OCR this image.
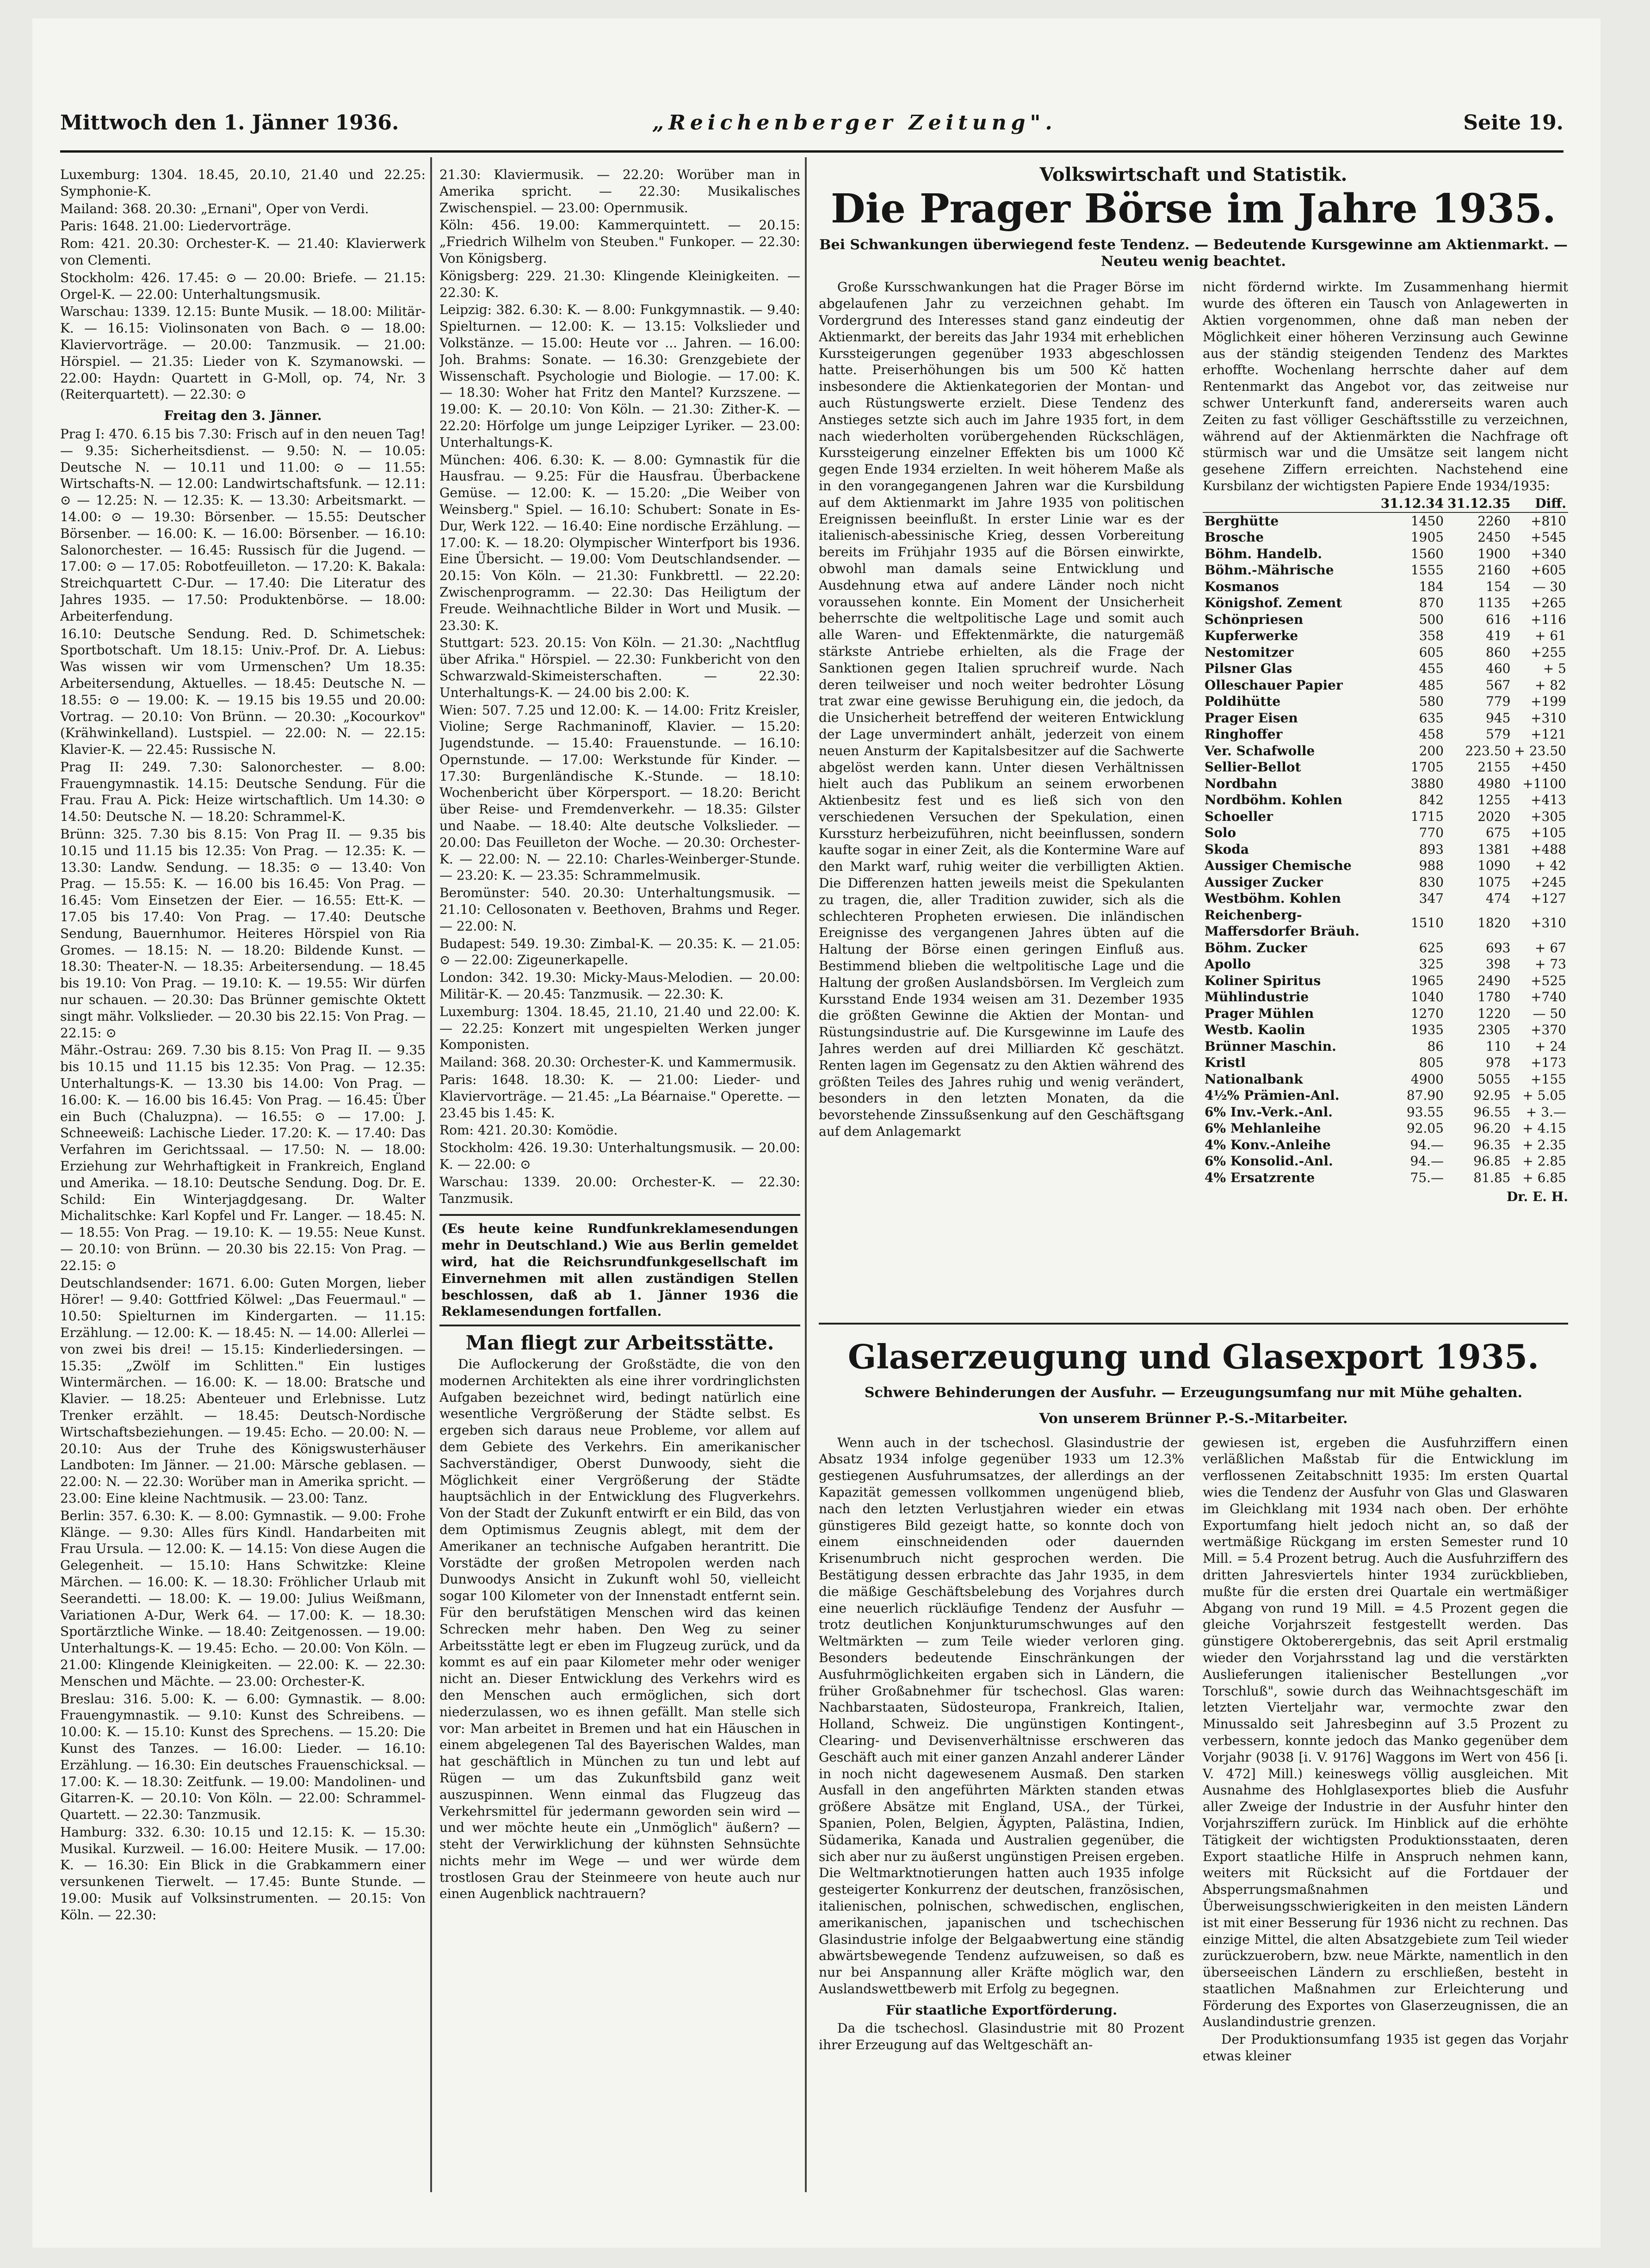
Mittwoch den 1. Jänner 1936.	„Reichenberger Zeitung".	Seite 19.

Luxemburg: 1304. 18.45, 20.10, 21.40 und 22.25: Symphonie-K.

Mailand: 368. 20.30: „Ernani", Oper von Verdi.

Paris: 1648. 21.00: Liedervorträge.

Rom: 421. 20.30: Orchester-K. — 21.40: Klavierwerk von Clementi.

Stockholm: 426. 17.45: ⊙ — 20.00: Briefe. — 21.15: Orgel-K. — 22.00: Unterhaltungsmusik.

Warschau: 1339. 12.15: Bunte Musik. — 18.00: Militär-K. — 16.15: Violinsonaten von Bach. ⊙ — 18.00: Klaviervorträge. — 20.00: Tanzmusik. — 21.00: Hörspiel. — 21.35: Lieder von K. Szymanowski. — 22.00: Haydn: Quartett in G-Moll, op. 74, Nr. 3 (Reiterquartett). — 22.30: ⊙

Freitag den 3. Jänner.

Prag I: 470. 6.15 bis 7.30: Frisch auf in den neuen Tag! — 9.35: Sicherheitsdienst. — 9.50: N. — 10.05: Deutsche N. — 10.11 und 11.00: ⊙ — 11.55: Wirtschafts-N. — 12.00: Landwirtschaftsfunk. — 12.11: ⊙ — 12.25: N. — 12.35: K. — 13.30: Arbeitsmarkt. — 14.00: ⊙ — 19.30: Börsenber. — 15.55: Deutscher Börsenber. — 16.00: K. — 16.00: Börsenber. — 16.10: Salonorchester. — 16.45: Russisch für die Jugend. — 17.00: ⊙ — 17.05: Robotfeuilleton. — 17.20: K. Bakala: Streichquartett C-Dur. — 17.40: Die Literatur des Jahres 1935. — 17.50: Produktenbörse. — 18.00: Arbeiterfendung.

16.10: Deutsche Sendung. Red. D. Schimetschek: Sportbotschaft. Um 18.15: Univ.-Prof. Dr. A. Liebus: Was wissen wir vom Urmenschen? Um 18.35: Arbeitersendung, Aktuelles. — 18.45: Deutsche N. — 18.55: ⊙ — 19.00: K. — 19.15 bis 19.55 und 20.00: Vortrag. — 20.10: Von Brünn. — 20.30: „Kocourkov" (Krähwinkelland). Lustspiel. — 22.00: N. — 22.15: Klavier-K. — 22.45: Russische N.

Prag II: 249. 7.30: Salonorchester. — 8.00: Frauengymnastik. 14.15: Deutsche Sendung. Für die Frau. Frau A. Pick: Heize wirtschaftlich. Um 14.30: ⊙ 14.50: Deutsche N. — 18.20: Schrammel-K.

Brünn: 325. 7.30 bis 8.15: Von Prag II. — 9.35 bis 10.15 und 11.15 bis 12.35: Von Prag. — 12.35: K. — 13.30: Landw. Sendung. — 18.35: ⊙ — 13.40: Von Prag. — 15.55: K. — 16.00 bis 16.45: Von Prag. — 16.45: Vom Einsetzen der Eier. — 16.55: Ett-K. — 17.05 bis 17.40: Von Prag. — 17.40: Deutsche Sendung, Bauernhumor. Heiteres Hörspiel von Ria Gromes. — 18.15: N. — 18.20: Bildende Kunst. — 18.30: Theater-N. — 18.35: Arbeitersendung. — 18.45 bis 19.10: Von Prag. — 19.10: K. — 19.55: Wir dürfen nur schauen. — 20.30: Das Brünner gemischte Oktett singt mähr. Volkslieder. — 20.30 bis 22.15: Von Prag. — 22.15: ⊙

Mähr.-Ostrau: 269. 7.30 bis 8.15: Von Prag II. — 9.35 bis 10.15 und 11.15 bis 12.35: Von Prag. — 12.35: Unterhaltungs-K. — 13.30 bis 14.00: Von Prag. — 16.00: K. — 16.00 bis 16.45: Von Prag. — 16.45: Über ein Buch (Chaluzpna). — 16.55: ⊙ — 17.00: J. Schneeweiß: Lachische Lieder. 17.20: K. — 17.40: Das Verfahren im Gerichtssaal. — 17.50: N. — 18.00: Erziehung zur Wehrhaftigkeit in Frankreich, England und Amerika. — 18.10: Deutsche Sendung. Dog. Dr. E. Schild: Ein Winterjagdgesang. Dr. Walter Michalitschke: Karl Kopfel und Fr. Langer. — 18.45: N. — 18.55: Von Prag. — 19.10: K. — 19.55: Neue Kunst. — 20.10: von Brünn. — 20.30 bis 22.15: Von Prag. — 22.15: ⊙

Deutschlandsender: 1671. 6.00: Guten Morgen, lieber Hörer! — 9.40: Gottfried Kölwel: „Das Feuermaul." — 10.50: Spielturnen im Kindergarten. — 11.15: Erzählung. — 12.00: K. — 18.45: N. — 14.00: Allerlei — von zwei bis drei! — 15.15: Kinderliedersingen. — 15.35: „Zwölf im Schlitten." Ein lustiges Wintermärchen. — 16.00: K. — 18.00: Bratsche und Klavier. — 18.25: Abenteuer und Erlebnisse. Lutz Trenker erzählt. — 18.45: Deutsch-Nordische Wirtschaftsbeziehungen. — 19.45: Echo. — 20.00: N. — 20.10: Aus der Truhe des Königswusterhäuser Landboten: Im Jänner. — 21.00: Märsche geblasen. — 22.00: N. — 22.30: Worüber man in Amerika spricht. — 23.00: Eine kleine Nachtmusik. — 23.00: Tanz.

Berlin: 357. 6.30: K. — 8.00: Gymnastik. — 9.00: Frohe Klänge. — 9.30: Alles fürs Kindl. Handarbeiten mit Frau Ursula. — 12.00: K. — 14.15: Von diese Augen die Gelegenheit. — 15.10: Hans Schwitzke: Kleine Märchen. — 16.00: K. — 18.30: Fröhlicher Urlaub mit Seerandetti. — 18.00: K. — 19.00: Julius Weißmann, Variationen A-Dur, Werk 64. — 17.00: K. — 18.30: Sportärztliche Winke. — 18.40: Zeitgenossen. — 19.00: Unterhaltungs-K. — 19.45: Echo. — 20.00: Von Köln. — 21.00: Klingende Kleinigkeiten. — 22.00: K. — 22.30: Menschen und Mächte. — 23.00: Orchester-K.

Breslau: 316. 5.00: K. — 6.00: Gymnastik. — 8.00: Frauengymnastik. — 9.10: Kunst des Schreibens. — 10.00: K. — 15.10: Kunst des Sprechens. — 15.20: Die Kunst des Tanzes. — 16.00: Lieder. — 16.10: Erzählung. — 16.30: Ein deutsches Frauenschicksal. — 17.00: K. — 18.30: Zeitfunk. — 19.00: Mandolinen- und Gitarren-K. — 20.10: Von Köln. — 22.00: Schrammel-Quartett. — 22.30: Tanzmusik.

Hamburg: 332. 6.30: 10.15 und 12.15: K. — 15.30: Musikal. Kurzweil. — 16.00: Heitere Musik. — 17.00: K. — 16.30: Ein Blick in die Grabkammern einer versunkenen Tierwelt. — 17.45: Bunte Stunde. — 19.00: Musik auf Volksinstrumenten. — 20.15: Von Köln. — 22.30:

21.30: Klaviermusik. — 22.20: Worüber man in Amerika spricht. — 22.30: Musikalisches Zwischenspiel. — 23.00: Opernmusik.

Köln: 456. 19.00: Kammerquintett. — 20.15: „Friedrich Wilhelm von Steuben." Funkoper. — 22.30: Von Königsberg.

Königsberg: 229. 21.30: Klingende Kleinigkeiten. — 22.30: K.

Leipzig: 382. 6.30: K. — 8.00: Funkgymnastik. — 9.40: Spielturnen. — 12.00: K. — 13.15: Volkslieder und Volkstänze. — 15.00: Heute vor ... Jahren. — 16.00: Joh. Brahms: Sonate. — 16.30: Grenzgebiete der Wissenschaft. Psychologie und Biologie. — 17.00: K. — 18.30: Woher hat Fritz den Mantel? Kurzszene. — 19.00: K. — 20.10: Von Köln. — 21.30: Zither-K. — 22.20: Hörfolge um junge Leipziger Lyriker. — 23.00: Unterhaltungs-K.

München: 406. 6.30: K. — 8.00: Gymnastik für die Hausfrau. — 9.25: Für die Hausfrau. Überbackene Gemüse. — 12.00: K. — 15.20: „Die Weiber von Weinsberg." Spiel. — 16.10: Schubert: Sonate in Es-Dur, Werk 122. — 16.40: Eine nordische Erzählung. — 17.00: K. — 18.20: Olympischer Winterfport bis 1936. Eine Übersicht. — 19.00: Vom Deutschlandsender. — 20.15: Von Köln. — 21.30: Funkbrettl. — 22.20: Zwischenprogramm. — 22.30: Das Heiligtum der Freude. Weihnachtliche Bilder in Wort und Musik. — 23.30: K.

Stuttgart: 523. 20.15: Von Köln. — 21.30: „Nachtflug über Afrika." Hörspiel. — 22.30: Funkbericht von den Schwarzwald-Skimeisterschaften. — 22.30: Unterhaltungs-K. — 24.00 bis 2.00: K.

Wien: 507. 7.25 und 12.00: K. — 14.00: Fritz Kreisler, Violine; Serge Rachmaninoff, Klavier. — 15.20: Jugendstunde. — 15.40: Frauenstunde. — 16.10: Opernstunde. — 17.00: Werkstunde für Kinder. — 17.30: Burgenländische K.-Stunde. — 18.10: Wochenbericht über Körpersport. — 18.20: Bericht über Reise- und Fremdenverkehr. — 18.35: Gilster und Naabe. — 18.40: Alte deutsche Volkslieder. — 20.00: Das Feuilleton der Woche. — 20.30: Orchester-K. — 22.00: N. — 22.10: Charles-Weinberger-Stunde. — 23.20: K. — 23.35: Schrammelmusik.

Beromünster: 540. 20.30: Unterhaltungsmusik. — 21.10: Cellosonaten v. Beethoven, Brahms und Reger. — 22.00: N.

Budapest: 549. 19.30: Zimbal-K. — 20.35: K. — 21.05: ⊙ — 22.00: Zigeunerkapelle.

London: 342. 19.30: Micky-Maus-Melodien. — 20.00: Militär-K. — 20.45: Tanzmusik. — 22.30: K.

Luxemburg: 1304. 18.45, 21.10, 21.40 und 22.00: K. — 22.25: Konzert mit ungespielten Werken junger Komponisten.

Mailand: 368. 20.30: Orchester-K. und Kammermusik.

Paris: 1648. 18.30: K. — 21.00: Lieder- und Klaviervorträge. — 21.45: „La Béarnaise." Operette. — 23.45 bis 1.45: K.

Rom: 421. 20.30: Komödie.

Stockholm: 426. 19.30: Unterhaltungsmusik. — 20.00: K. — 22.00: ⊙

Warschau: 1339. 20.00: Orchester-K. — 22.30: Tanzmusik.

(Es heute keine Rundfunkreklamesendungen mehr in Deutschland.) Wie aus Berlin gemeldet wird, hat die Reichsrundfunkgesellschaft im Einvernehmen mit allen zuständigen Stellen beschlossen, daß ab 1. Jänner 1936 die Reklamesendungen fortfallen.
Man fliegt zur Arbeitsstätte.

Die Auflockerung der Großstädte, die von den modernen Architekten als eine ihrer vordringlichsten Aufgaben bezeichnet wird, bedingt natürlich eine wesentliche Vergrößerung der Städte selbst. Es ergeben sich daraus neue Probleme, vor allem auf dem Gebiete des Verkehrs. Ein amerikanischer Sachverständiger, Oberst Dunwoody, sieht die Möglichkeit einer Vergrößerung der Städte hauptsächlich in der Entwicklung des Flugverkehrs. Von der Stadt der Zukunft entwirft er ein Bild, das von dem Optimismus Zeugnis ablegt, mit dem der Amerikaner an technische Aufgaben herantritt. Die Vorstädte der großen Metropolen werden nach Dunwoodys Ansicht in Zukunft wohl 50, vielleicht sogar 100 Kilometer von der Innenstadt entfernt sein. Für den berufstätigen Menschen wird das keinen Schrecken mehr haben. Den Weg zu seiner Arbeitsstätte legt er eben im Flugzeug zurück, und da kommt es auf ein paar Kilometer mehr oder weniger nicht an. Dieser Entwicklung des Verkehrs wird es den Menschen auch ermöglichen, sich dort niederzulassen, wo es ihnen gefällt. Man stelle sich vor: Man arbeitet in Bremen und hat ein Häuschen in einem abgelegenen Tal des Bayerischen Waldes, man hat geschäftlich in München zu tun und lebt auf Rügen — um das Zukunftsbild ganz weit auszuspinnen. Wenn einmal das Flugzeug das Verkehrsmittel für jedermann geworden sein wird — und wer möchte heute ein „Unmöglich" äußern? — steht der Verwirklichung der kühnsten Sehnsüchte nichts mehr im Wege — und wer würde dem trostlosen Grau der Steinmeere von heute auch nur einen Augenblick nachtrauern?

Volkswirtschaft und Statistik.
Die Prager Börse im Jahre 1935.
Bei Schwankungen überwiegend feste Tendenz. — Bedeutende Kursgewinne am Aktienmarkt. — Neuteu wenig beachtet.

Große Kursschwankungen hat die Prager Börse im abgelaufenen Jahr zu verzeichnen gehabt. Im Vordergrund des Interesses stand ganz eindeutig der Aktienmarkt, der bereits das Jahr 1934 mit erheblichen Kurssteigerungen gegenüber 1933 abgeschlossen hatte. Preiserhöhungen bis um 500 Kč hatten insbesondere die Aktienkategorien der Montan- und auch Rüstungswerte erzielt. Diese Tendenz des Anstieges setzte sich auch im Jahre 1935 fort, in dem nach wiederholten vorübergehenden Rückschlägen, Kurssteigerung einzelner Effekten bis um 1000 Kč gegen Ende 1934 erzielten. In weit höherem Maße als in den vorangegangenen Jahren war die Kursbildung auf dem Aktienmarkt im Jahre 1935 von politischen Ereignissen beeinflußt. In erster Linie war es der italienisch-abessinische Krieg, dessen Vorbereitung bereits im Frühjahr 1935 auf die Börsen einwirkte, obwohl man damals seine Entwicklung und Ausdehnung etwa auf andere Länder noch nicht voraussehen konnte. Ein Moment der Unsicherheit beherrschte die weltpolitische Lage und somit auch alle Waren- und Effektenmärkte, die naturgemäß stärkste Antriebe erhielten, als die Frage der Sanktionen gegen Italien spruchreif wurde. Nach deren teilweiser und noch weiter bedrohter Lösung trat zwar eine gewisse Beruhigung ein, die jedoch, da die Unsicherheit betreffend der weiteren Entwicklung der Lage unvermindert anhält, jederzeit von einem neuen Ansturm der Kapitalsbesitzer auf die Sachwerte abgelöst werden kann. Unter diesen Verhältnissen hielt auch das Publikum an seinem erworbenen Aktienbesitz fest und es ließ sich von den verschiedenen Versuchen der Spekulation, einen Kurssturz herbeizuführen, nicht beeinflussen, sondern kaufte sogar in einer Zeit, als die Kontermine Ware auf den Markt warf, ruhig weiter die verbilligten Aktien. Die Differenzen hatten jeweils meist die Spekulanten zu tragen, die, aller Tradition zuwider, sich als die schlechteren Propheten erwiesen. Die inländischen Ereignisse des vergangenen Jahres übten auf die Haltung der Börse einen geringen Einfluß aus. Bestimmend blieben die weltpolitische Lage und die Haltung der großen Auslandsbörsen. Im Vergleich zum Kursstand Ende 1934 weisen am 31. Dezember 1935 die größten Gewinne die Aktien der Montan- und Rüstungsindustrie auf. Die Kursgewinne im Laufe des Jahres werden auf drei Milliarden Kč geschätzt. Renten lagen im Gegensatz zu den Aktien während des größten Teiles des Jahres ruhig und wenig verändert, besonders in den letzten Monaten, da die bevorstehende Zinssußsenkung auf den Geschäftsgang auf dem Anlagemarkt

nicht fördernd wirkte. Im Zusammenhang hiermit wurde des öfteren ein Tausch von Anlagewerten in Aktien vorgenommen, ohne daß man neben der Möglichkeit einer höheren Verzinsung auch Gewinne aus der ständig steigenden Tendenz des Marktes erhoffte. Wochenlang herrschte daher auf dem Rentenmarkt das Angebot vor, das zeitweise nur schwer Unterkunft fand, andererseits waren auch Zeiten zu fast völliger Geschäftsstille zu verzeichnen, während auf der Aktienmärkten die Nachfrage oft stürmisch war und die Umsätze seit langem nicht gesehene Ziffern erreichten. Nachstehend eine Kursbilanz der wichtigsten Papiere Ende 1934/1935:

	31.12.34	31.12.35	Diff.
Berghütte	1450	2260	+810
Brosche	1905	2450	+545
Böhm. Handelb.	1560	1900	+340
Böhm.-Mährische	1555	2160	+605
Kosmanos	184	154	— 30
Königshof. Zement	870	1135	+265
Schönpriesen	500	616	+116
Kupferwerke	358	419	+ 61
Nestomitzer	605	860	+255
Pilsner Glas	455	460	+ 5
Olleschauer Papier	485	567	+ 82
Poldihütte	580	779	+199
Prager Eisen	635	945	+310
Ringhoffer	458	579	+121
Ver. Schafwolle	200	223.50	+ 23.50
Sellier-Bellot	1705	2155	+450
Nordbahn	3880	4980	+1100
Nordböhm. Kohlen	842	1255	+413
Schoeller	1715	2020	+305
Solo	770	675	+105
Skoda	893	1381	+488
Aussiger Chemische	988	1090	+ 42
Aussiger Zucker	830	1075	+245
Westböhm. Kohlen	347	474	+127
Reichenberg-Maffersdorfer Bräuh.	1510	1820	+310
Böhm. Zucker	625	693	+ 67
Apollo	325	398	+ 73
Koliner Spiritus	1965	2490	+525
Mühlindustrie	1040	1780	+740
Prager Mühlen	1270	1220	— 50
Westb. Kaolin	1935	2305	+370
Brünner Maschin.	86	110	+ 24
Kristl	805	978	+173
Nationalbank	4900	5055	+155
4½% Prämien-Anl.	87.90	92.95	+ 5.05
6% Inv.-Verk.-Anl.	93.55	96.55	+ 3.—
6% Mehlanleihe	92.05	96.20	+ 4.15
4% Konv.-Anleihe	94.—	96.35	+ 2.35
6% Konsolid.-Anl.	94.—	96.85	+ 2.85
4% Ersatzrente	75.—	81.85	+ 6.85
Dr. E. H.
Glaserzeugung und Glasexport 1935.
Schwere Behinderungen der Ausfuhr. — Erzeugungsumfang nur mit Mühe gehalten.
Von unserem Brünner P.-S.-Mitarbeiter.

Wenn auch in der tschechosl. Glasindustrie der Absatz 1934 infolge gegenüber 1933 um 12.3% gestiegenen Ausfuhrumsatzes, der allerdings an der Kapazität gemessen vollkommen ungenügend blieb, nach den letzten Verlustjahren wieder ein etwas günstigeres Bild gezeigt hatte, so konnte doch von einem einschneidenden oder dauernden Krisenumbruch nicht gesprochen werden. Die Bestätigung dessen erbrachte das Jahr 1935, in dem die mäßige Geschäftsbelebung des Vorjahres durch eine neuerlich rückläufige Tendenz der Ausfuhr — trotz deutlichen Konjunkturumschwunges auf den Weltmärkten — zum Teile wieder verloren ging. Besonders bedeutende Einschränkungen der Ausfuhrmöglichkeiten ergaben sich in Ländern, die früher Großabnehmer für tschechosl. Glas waren: Nachbarstaaten, Südosteuropa, Frankreich, Italien, Holland, Schweiz. Die ungünstigen Kontingent-, Clearing- und Devisenverhältnisse erschweren das Geschäft auch mit einer ganzen Anzahl anderer Länder in noch nicht dagewesenem Ausmaß. Den starken Ausfall in den angeführten Märkten standen etwas größere Absätze mit England, USA., der Türkei, Spanien, Polen, Belgien, Ägypten, Palästina, Indien, Südamerika, Kanada und Australien gegenüber, die sich aber nur zu äußerst ungünstigen Preisen ergeben. Die Weltmarktnotierungen hatten auch 1935 infolge gesteigerter Konkurrenz der deutschen, französischen, italienischen, polnischen, schwedischen, englischen, amerikanischen, japanischen und tschechischen Glasindustrie infolge der Belgaabwertung eine ständig abwärtsbewegende Tendenz aufzuweisen, so daß es nur bei Anspannung aller Kräfte möglich war, den Auslandswettbewerb mit Erfolg zu begegnen.

Für staatliche Exportförderung.

Da die tschechosl. Glasindustrie mit 80 Prozent ihrer Erzeugung auf das Weltgeschäft an-

gewiesen ist, ergeben die Ausfuhrziffern einen verläßlichen Maßstab für die Entwicklung im verflossenen Zeitabschnitt 1935: Im ersten Quartal wies die Tendenz der Ausfuhr von Glas und Glaswaren im Gleichklang mit 1934 nach oben. Der erhöhte Exportumfang hielt jedoch nicht an, so daß der wertmäßige Rückgang im ersten Semester rund 10 Mill. = 5.4 Prozent betrug. Auch die Ausfuhrziffern des dritten Jahresviertels hinter 1934 zurückblieben, mußte für die ersten drei Quartale ein wertmäßiger Abgang von rund 19 Mill. = 4.5 Prozent gegen die gleiche Vorjahrszeit festgestellt werden. Das günstigere Oktoberergebnis, das seit April erstmalig wieder den Vorjahrsstand lag und die verstärkten Auslieferungen italienischer Bestellungen „vor Torschluß", sowie durch das Weihnachtsgeschäft im letzten Vierteljahr war, vermochte zwar den Minussaldo seit Jahresbeginn auf 3.5 Prozent zu verbessern, konnte jedoch das Manko gegenüber dem Vorjahr (9038 [i. V. 9176] Waggons im Wert von 456 [i. V. 472] Mill.) keineswegs völlig ausgleichen. Mit Ausnahme des Hohlglasexportes blieb die Ausfuhr aller Zweige der Industrie in der Ausfuhr hinter den Vorjahrsziffern zurück. Im Hinblick auf die erhöhte Tätigkeit der wichtigsten Produktionsstaaten, deren Export staatliche Hilfe in Anspruch nehmen kann, weiters mit Rücksicht auf die Fortdauer der Absperrungsmaßnahmen und Überweisungsschwierigkeiten in den meisten Ländern ist mit einer Besserung für 1936 nicht zu rechnen. Das einzige Mittel, die alten Absatzgebiete zum Teil wieder zurückzuerobern, bzw. neue Märkte, namentlich in den überseeischen Ländern zu erschließen, besteht in staatlichen Maßnahmen zur Erleichterung und Förderung des Exportes von Glaserzeugnissen, die an Auslandindustrie grenzen.

Der Produktionsumfang 1935 ist gegen das Vorjahr etwas kleiner
